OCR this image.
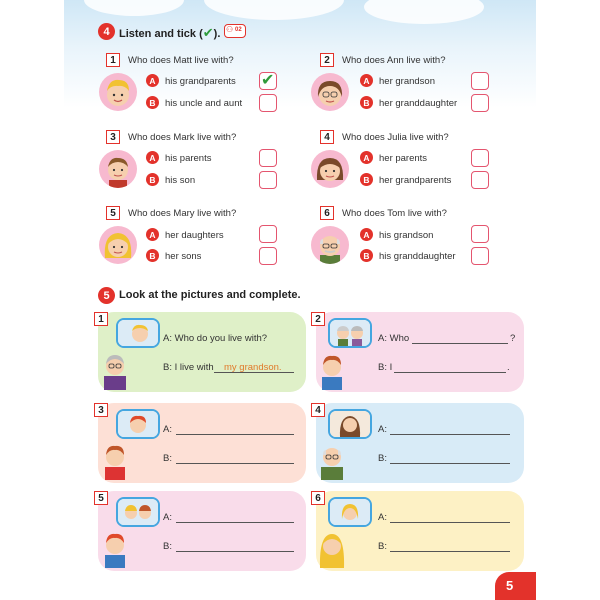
4 Listen and tick (✔). ⚇ 02
1	Who does Matt live with?
A his grandparents
B his uncle and aunt
✔
2	Who does Ann live with?
A her grandson
B her granddaughter
3	Who does Mark live with?
A his parents
B his son
4	Who does Julia live with?
A her parents
B her grandparents
5	Who does Mary live with?
A her daughters
B her sons
6	Who does Tom live with?
A his grandson
B his granddaughter
5 Look at the pictures and complete.
1
A: Who do you live with?
B: I live with my grandson.
2
A: Who	?
B: I	.
3
A:
B:
4
A:
B:
5
A:
B:
6
A:
B:
5
